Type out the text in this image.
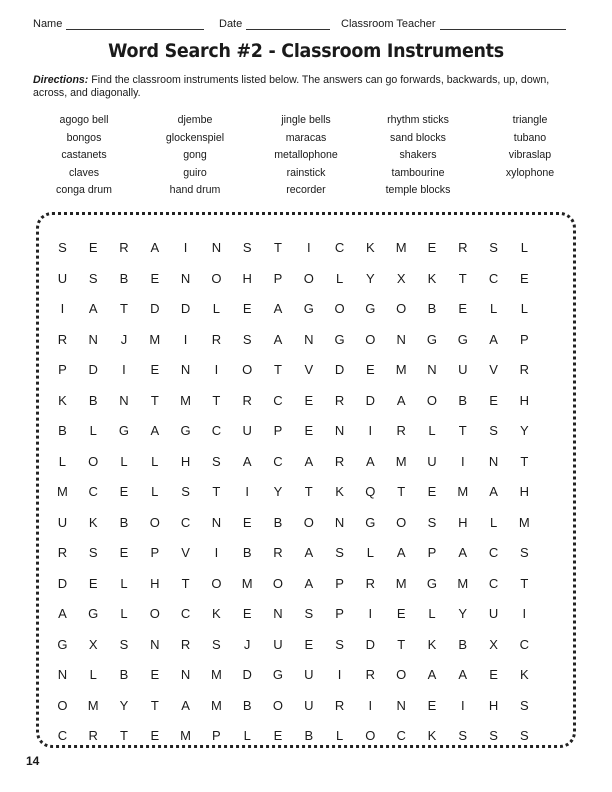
Name	Date	Classroom Teacher
Word Search #2 - Classroom Instruments
Directions: Find the classroom instruments listed below. The answers can go forwards, backwards, up, down, across, and diagonally.
agogo bell
bongos
castanets
claves
conga drum
djembe
glockenspiel
gong
guiro
hand drum
jingle bells
maracas
metallophone
rainstick
recorder
rhythm sticks
sand blocks
shakers
tambourine
temple blocks
triangle
tubano
vibraslap
xylophone
S	E	R	A	I	N	S	T	I	C	K	M	E	R	S	L
U	S	B	E	N	O	H	P	O	L	Y	X	K	T	C	E
I	A	T	D	D	L	E	A	G	O	G	O	B	E	L	L
R	N	J	M	I	R	S	A	N	G	O	N	G	G	A	P
P	D	I	E	N	I	O	T	V	D	E	M	N	U	V	R
K	B	N	T	M	T	R	C	E	R	D	A	O	B	E	H
B	L	G	A	G	C	U	P	E	N	I	R	L	T	S	Y
L	O	L	L	H	S	A	C	A	R	A	M	U	I	N	T
M	C	E	L	S	T	I	Y	T	K	Q	T	E	M	A	H
U	K	B	O	C	N	E	B	O	N	G	O	S	H	L	M
R	S	E	P	V	I	B	R	A	S	L	A	P	A	C	S
D	E	L	H	T	O	M	O	A	P	R	M	G	M	C	T
A	G	L	O	C	K	E	N	S	P	I	E	L	Y	U	I
G	X	S	N	R	S	J	U	E	S	D	T	K	B	X	C
N	L	B	E	N	M	D	G	U	I	R	O	A	A	E	K
O	M	Y	T	A	M	B	O	U	R	I	N	E	I	H	S
C	R	T	E	M	P	L	E	B	L	O	C	K	S	S	S
14
